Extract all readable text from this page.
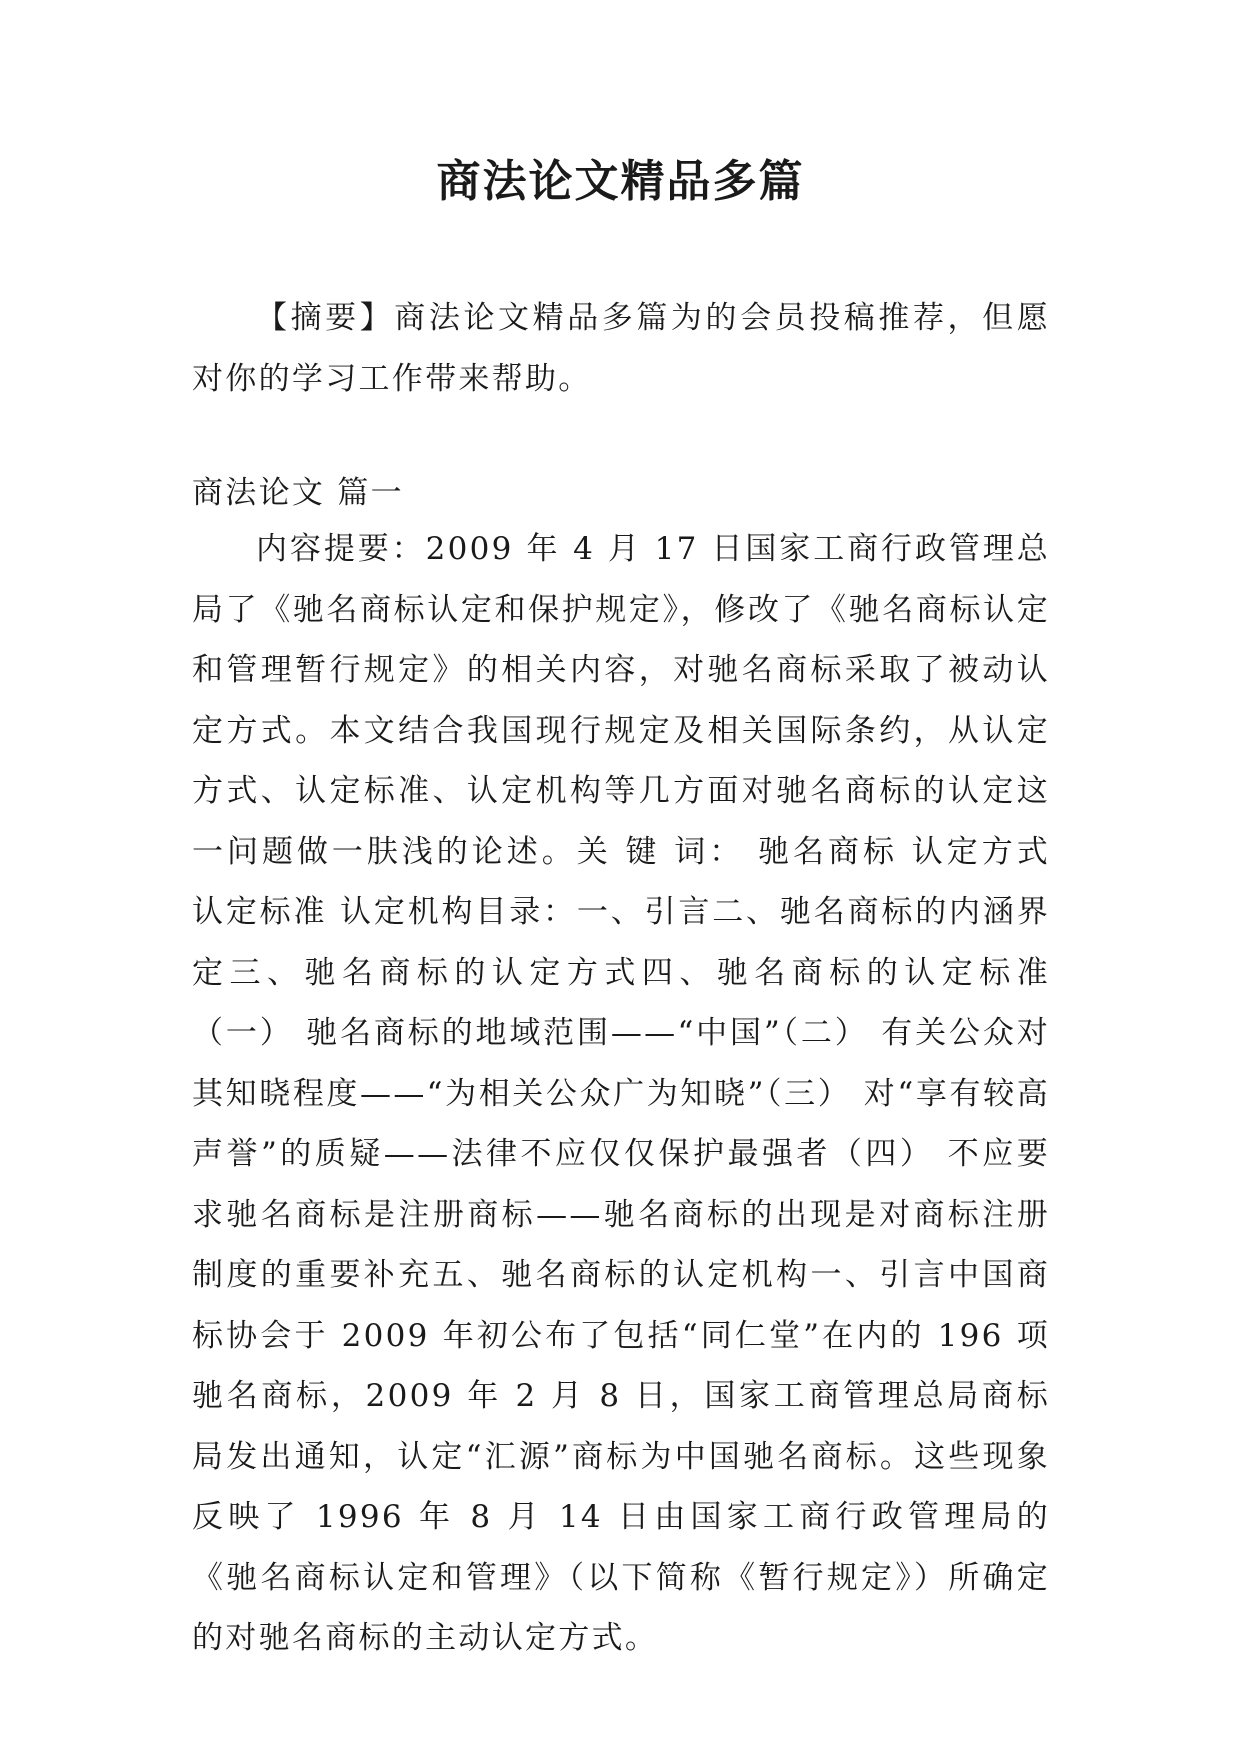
商法论文精品多篇

【摘要】商法论文精品多篇为的会员投稿推荐，但愿对你的学习工作带来帮助。

商法论文 篇一

内容提要：2009 年 4 月 17 日国家工商行政管理总局了《驰名商标认定和保护规定》，修改了《驰名商标认定和管理暂行规定》的相关内容，对驰名商标采取了被动认定方式。本文结合我国现行规定及相关国际条约，从认定方式、认定标准、认定机构等几方面对驰名商标的认定这一问题做一肤浅的论述。关 键 词： 驰名商标 认定方式 认定标准 认定机构目录：一、引言二、驰名商标的内涵界定三、驰名商标的认定方式四、驰名商标的认定标准（一） 驰名商标的地域范围——“中国”（二） 有关公众对其知晓程度——“为相关公众广为知晓”（三） 对“享有较高声誉”的质疑——法律不应仅仅保护最强者（四） 不应要求驰名商标是注册商标——驰名商标的出现是对商标注册制度的重要补充五、驰名商标的认定机构一、引言中国商标协会于 2009 年初公布了包括“同仁堂”在内的 196 项驰名商标，2009 年 2 月 8 日，国家工商管理总局商标局发出通知，认定“汇源”商标为中国驰名商标。这些现象反映了 1996 年 8 月 14 日由国家工商行政管理局的《驰名商标认定和管理》（以下简称《暂行规定》）所确定的对驰名商标的主动认定方式。
